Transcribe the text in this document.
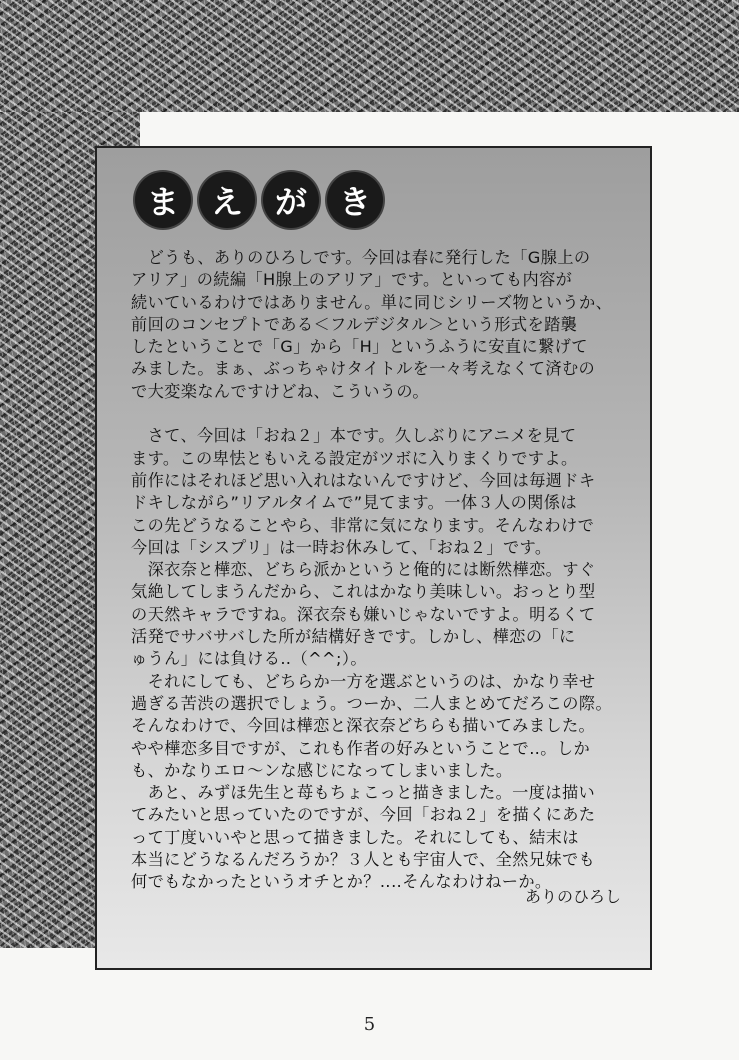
ま え が き
　どうも、ありのひろしです。今回は春に発行した「G腺上の
アリア」の続編「H腺上のアリア」です。といっても内容が
続いているわけではありません。単に同じシリーズ物というか、
前回のコンセプトである＜フルデジタル＞という形式を踏襲
したということで「G」から「H」というふうに安直に繋げて
みました。まぁ、ぶっちゃけタイトルを一々考えなくて済むの
で大変楽なんですけどね、こういうの。
　さて、今回は「おね２」本です。久しぶりにアニメを見て
ます。この卑怯ともいえる設定がツボに入りまくりですよ。
前作にはそれほど思い入れはないんですけど、今回は毎週ドキ
ドキしながら”リアルタイムで”見てます。一体３人の関係は
この先どうなることやら、非常に気になります。そんなわけで
今回は「シスプリ」は一時お休みして、「おね２」です。
　深衣奈と樺恋、どちら派かというと俺的には断然樺恋。すぐ
気絶してしまうんだから、これはかなり美味しい。おっとり型
の天然キャラですね。深衣奈も嫌いじゃないですよ。明るくて
活発でサバサバした所が結構好きです。しかし、樺恋の「に
ゅうん」には負ける‥（^^;）。
　それにしても、どちらか一方を選ぶというのは、かなり幸せ
過ぎる苦渋の選択でしょう。つーか、二人まとめてだろこの際。
そんなわけで、今回は樺恋と深衣奈どちらも描いてみました。
やや樺恋多目ですが、これも作者の好みということで‥。しか
も、かなりエロ～ンな感じになってしまいました。
　あと、みずほ先生と苺もちょこっと描きました。一度は描い
てみたいと思っていたのですが、今回「おね２」を描くにあた
って丁度いいやと思って描きました。それにしても、結末は
本当にどうなるんだろうか？３人とも宇宙人で、全然兄妹でも
何でもなかったというオチとか？‥‥そんなわけねーか。
ありのひろし
5
